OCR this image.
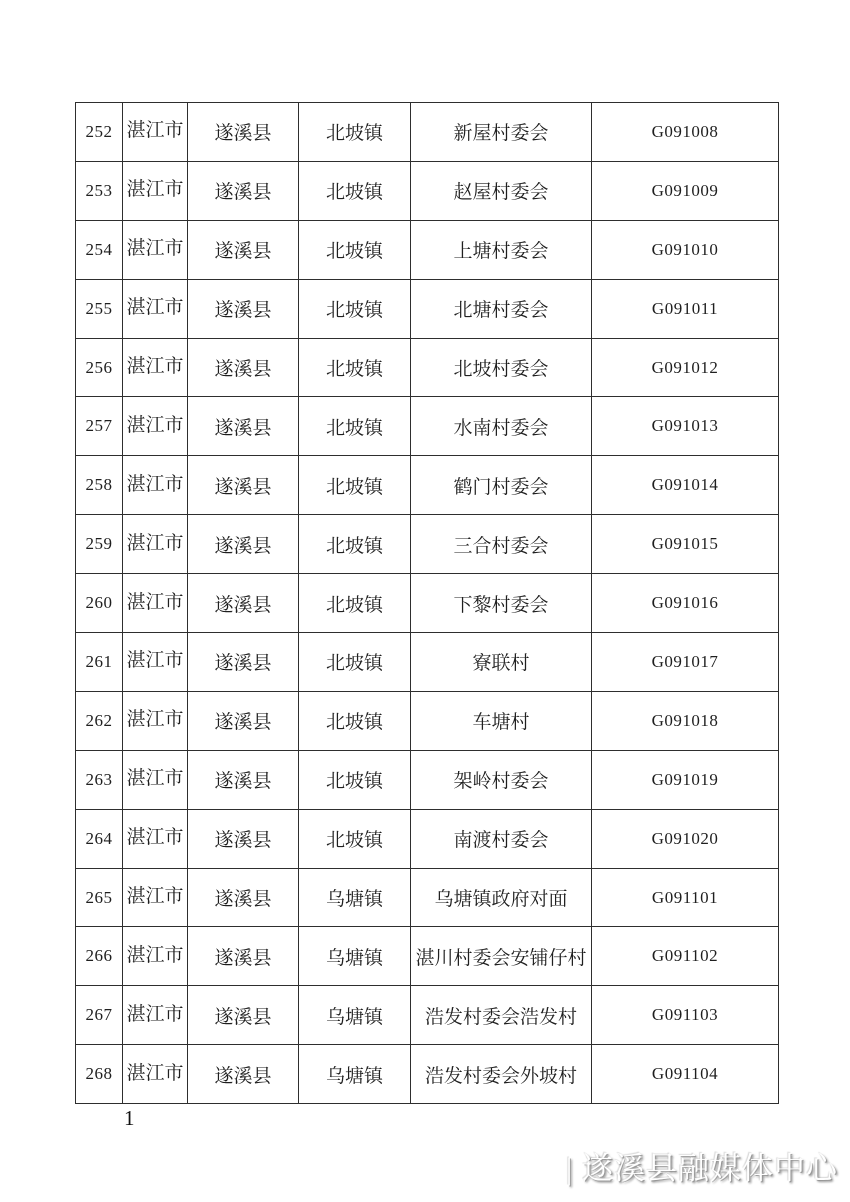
252	湛江市	遂溪县	北坡镇	新屋村委会	G091008
253	湛江市	遂溪县	北坡镇	赵屋村委会	G091009
254	湛江市	遂溪县	北坡镇	上塘村委会	G091010
255	湛江市	遂溪县	北坡镇	北塘村委会	G091011
256	湛江市	遂溪县	北坡镇	北坡村委会	G091012
257	湛江市	遂溪县	北坡镇	水南村委会	G091013
258	湛江市	遂溪县	北坡镇	鹤门村委会	G091014
259	湛江市	遂溪县	北坡镇	三合村委会	G091015
260	湛江市	遂溪县	北坡镇	下黎村委会	G091016
261	湛江市	遂溪县	北坡镇	寮联村	G091017
262	湛江市	遂溪县	北坡镇	车塘村	G091018
263	湛江市	遂溪县	北坡镇	架岭村委会	G091019
264	湛江市	遂溪县	北坡镇	南渡村委会	G091020
265	湛江市	遂溪县	乌塘镇	乌塘镇政府对面	G091101
266	湛江市	遂溪县	乌塘镇	湛川村委会安铺仔村	G091102
267	湛江市	遂溪县	乌塘镇	浩发村委会浩发村	G091103
268	湛江市	遂溪县	乌塘镇	浩发村委会外坡村	G091104
1
| 遂溪县融媒体中心
